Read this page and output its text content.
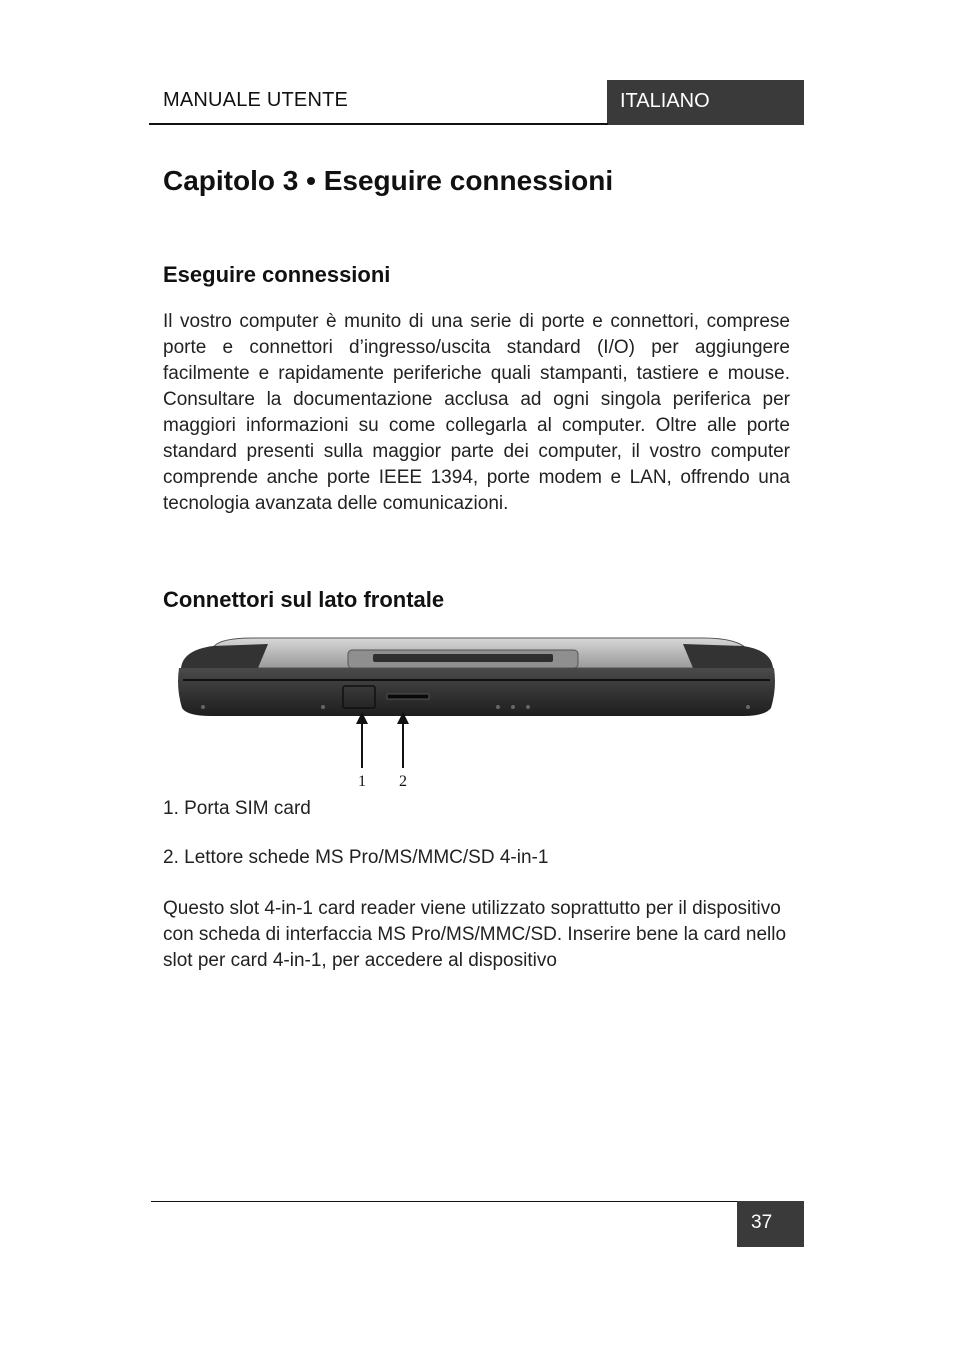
MANUALE UTENTE	ITALIANO
Capitolo 3 • Eseguire connessioni
Eseguire connessioni

Il vostro computer è munito di una serie di porte e connettori, comprese porte e connettori d’ingresso/uscita standard (I/O) per aggiungere facilmente e rapidamente periferiche quali stampanti, tastiere e mouse. Consultare la documentazione acclusa ad ogni singola periferica per maggiori informazioni su come collegarla al computer. Oltre alle porte standard presenti sulla maggior parte dei computer, il vostro computer comprende anche porte IEEE 1394, porte modem e LAN, offrendo una tecnologia avanzata delle comunicazioni.

Connettori sul lato frontale
1 2

1. Porta SIM card

2. Lettore schede MS Pro/MS/MMC/SD 4-in-1

Questo slot 4-in-1 card reader viene utilizzato soprattutto per il dispositivo con scheda di interfaccia MS Pro/MS/MMC/SD. Inserire bene la card nello slot per card 4-in-1, per accedere al dispositivo

37
